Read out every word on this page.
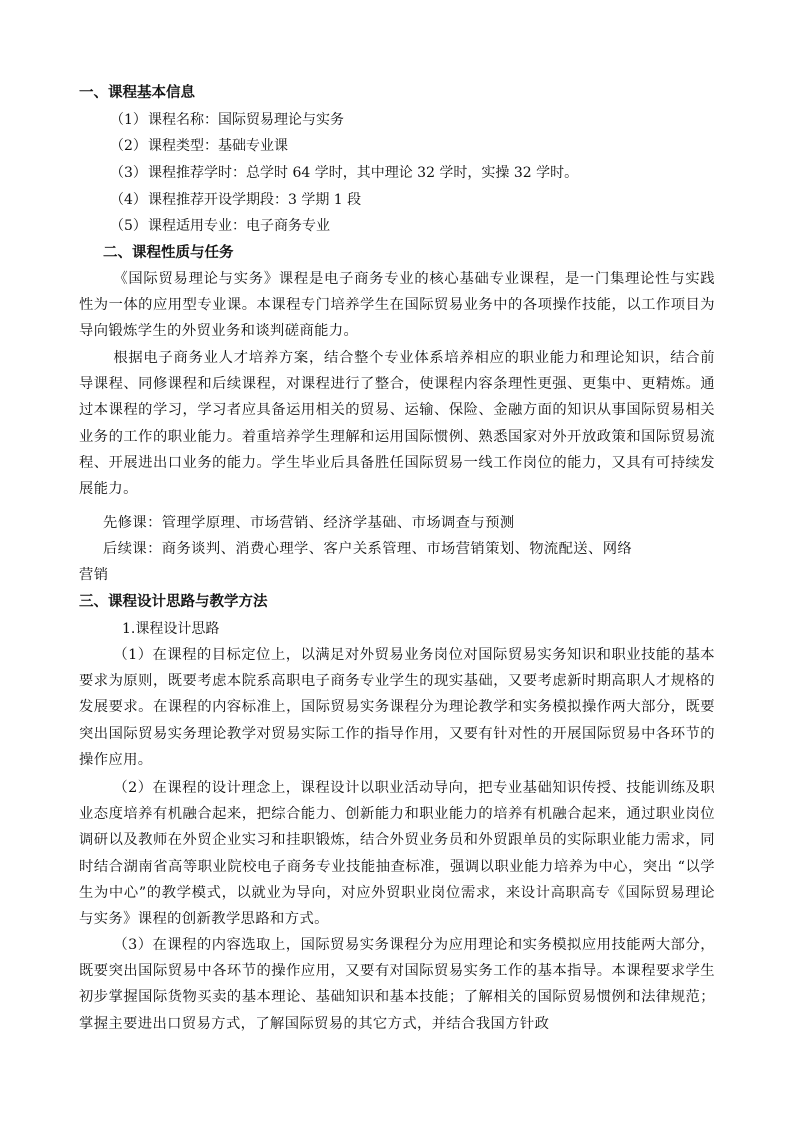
一、课程基本信息
（1）课程名称：国际贸易理论与实务
（2）课程类型：基础专业课
（3）课程推荐学时：总学时 64 学时，其中理论 32 学时，实操 32 学时。
（4）课程推荐开设学期段：3 学期 1 段
（5）课程适用专业：电子商务专业
二、课程性质与任务
《国际贸易理论与实务》课程是电子商务专业的核心基础专业课程，是一门集理论性与实践性为一体的应用型专业课。本课程专门培养学生在国际贸易业务中的各项操作技能，以工作项目为导向锻炼学生的外贸业务和谈判磋商能力。
根据电子商务业人才培养方案，结合整个专业体系培养相应的职业能力和理论知识，结合前导课程、同修课程和后续课程，对课程进行了整合，使课程内容条理性更强、更集中、更精炼。通过本课程的学习，学习者应具备运用相关的贸易、运输、保险、金融方面的知识从事国际贸易相关业务的工作的职业能力。着重培养学生理解和运用国际惯例、熟悉国家对外开放政策和国际贸易流程、开展进出口业务的能力。学生毕业后具备胜任国际贸易一线工作岗位的能力，又具有可持续发展能力。
先修课：管理学原理、市场营销、经济学基础、市场调查与预测
后续课：商务谈判、消费心理学、客户关系管理、市场营销策划、物流配送、网络
营销
三、课程设计思路与教学方法
1.课程设计思路
（1）在课程的目标定位上，以满足对外贸易业务岗位对国际贸易实务知识和职业技能的基本要求为原则，既要考虑本院系高职电子商务专业学生的现实基础，又要考虑新时期高职人才规格的发展要求。在课程的内容标准上，国际贸易实务课程分为理论教学和实务模拟操作两大部分，既要突出国际贸易实务理论教学对贸易实际工作的指导作用，又要有针对性的开展国际贸易中各环节的操作应用。
（2）在课程的设计理念上，课程设计以职业活动导向，把专业基础知识传授、技能训练及职业态度培养有机融合起来，把综合能力、创新能力和职业能力的培养有机融合起来，通过职业岗位调研以及教师在外贸企业实习和挂职锻炼，结合外贸业务员和外贸跟单员的实际职业能力需求，同时结合湖南省高等职业院校电子商务专业技能抽查标准，强调以职业能力培养为中心，突出 “以学生为中心”的教学模式，以就业为导向，对应外贸职业岗位需求，来设计高职高专《国际贸易理论与实务》课程的创新教学思路和方式。
（3）在课程的内容选取上，国际贸易实务课程分为应用理论和实务模拟应用技能两大部分，既要突出国际贸易中各环节的操作应用，又要有对国际贸易实务工作的基本指导。本课程要求学生初步掌握国际货物买卖的基本理论、基础知识和基本技能；了解相关的国际贸易惯例和法律规范；掌握主要进出口贸易方式，了解国际贸易的其它方式，并结合我国方针政
